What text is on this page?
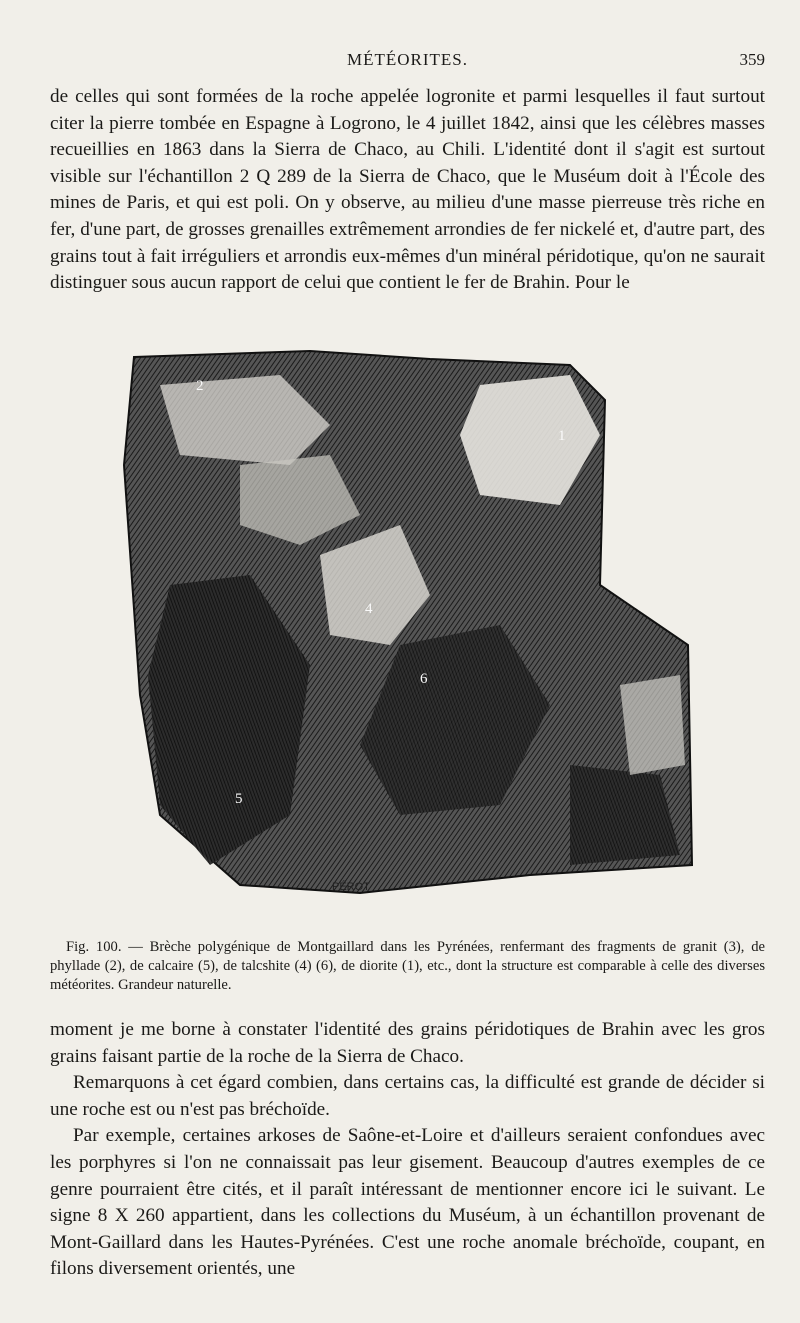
MÉTÉORITES.	359

de celles qui sont formées de la roche appelée logronite et parmi lesquelles il faut surtout citer la pierre tombée en Espagne à Logrono, le 4 juillet 1842, ainsi que les célèbres masses recueillies en 1863 dans la Sierra de Chaco, au Chili. L'identité dont il s'agit est surtout visible sur l'échantillon 2 Q 289 de la Sierra de Chaco, que le Muséum doit à l'École des mines de Paris, et qui est poli. On y observe, au milieu d'une masse pierreuse très riche en fer, d'une part, de grosses grenailles extrêmement arrondies de fer nickelé et, d'autre part, des grains tout à fait irréguliers et arrondis eux-mêmes d'un minéral péridotique, qu'on ne saurait distinguer sous aucun rapport de celui que contient le fer de Brahin. Pour le

1
2
4
5
6
PÉROT

Fig. 100. — Brèche polygénique de Montgaillard dans les Pyrénées, renfermant des fragments de granit (3), de phyllade (2), de calcaire (5), de talcshite (4) (6), de diorite (1), etc., dont la structure est comparable à celle des diverses météorites. Grandeur naturelle.

moment je me borne à constater l'identité des grains péridotiques de Brahin avec les gros grains faisant partie de la roche de la Sierra de Chaco.

Remarquons à cet égard combien, dans certains cas, la difficulté est grande de décider si une roche est ou n'est pas bréchoïde.

Par exemple, certaines arkoses de Saône-et-Loire et d'ailleurs seraient confondues avec les porphyres si l'on ne connaissait pas leur gisement. Beaucoup d'autres exemples de ce genre pourraient être cités, et il paraît intéressant de mentionner encore ici le suivant. Le signe 8 X 260 appartient, dans les collections du Muséum, à un échantillon provenant de Mont-Gaillard dans les Hautes-Pyrénées. C'est une roche anomale bréchoïde, coupant, en filons diversement orientés, une
